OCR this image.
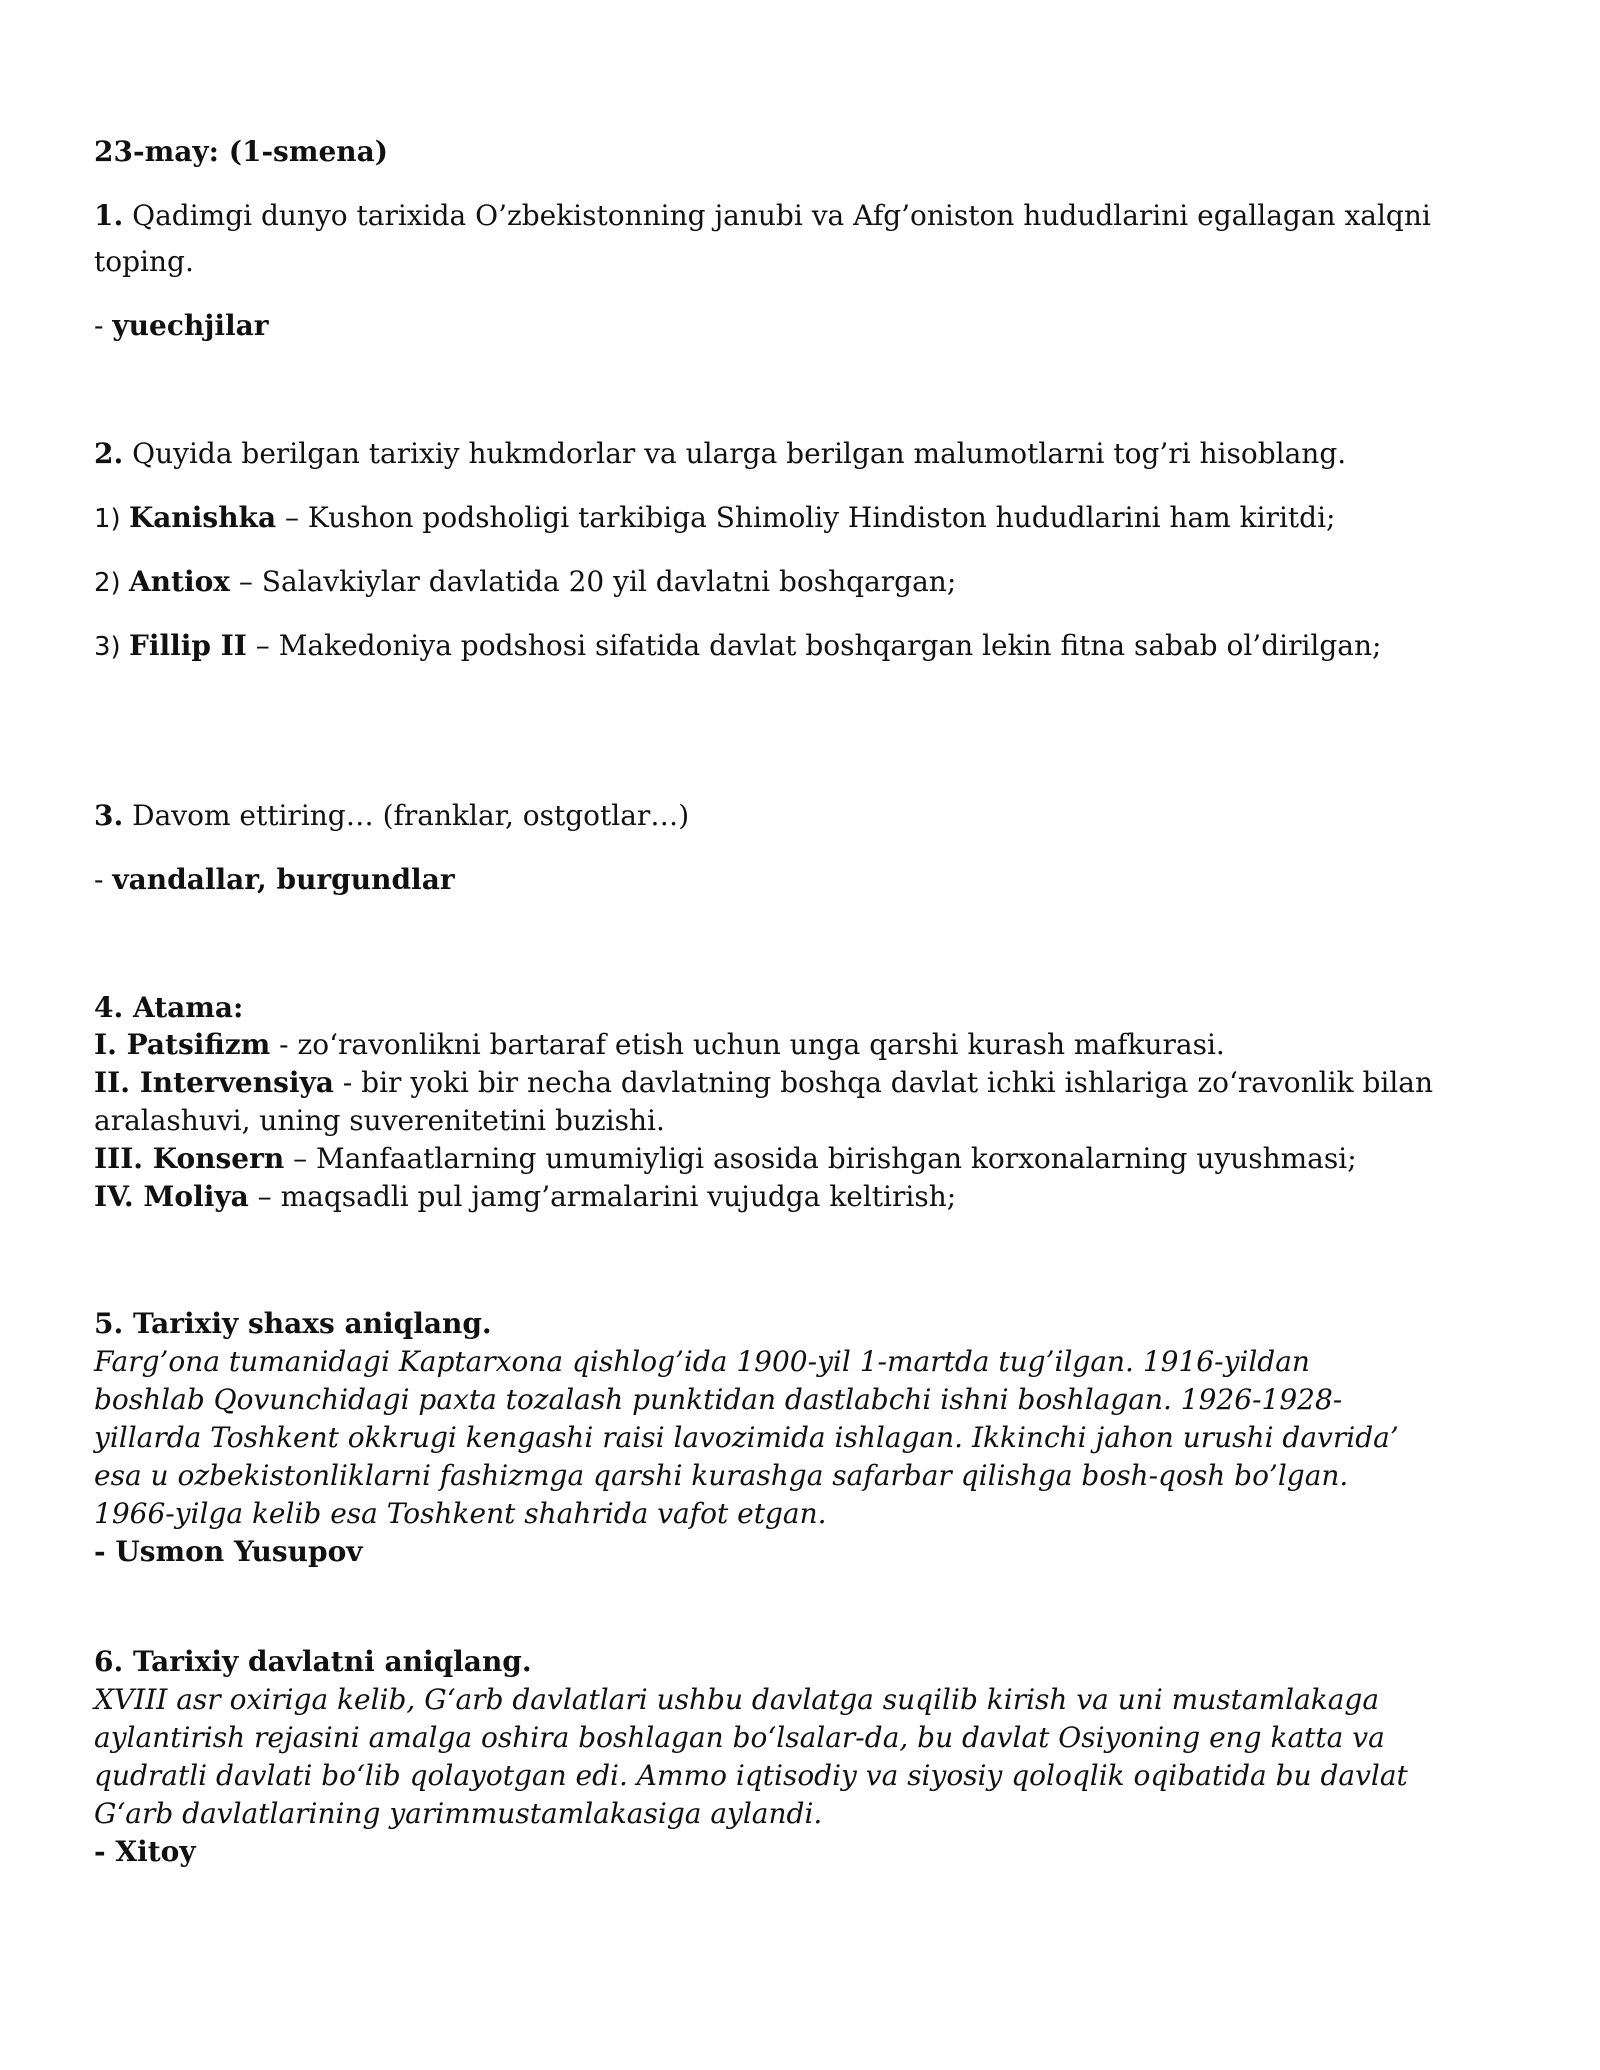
23-may: (1-smena)
1. Qadimgi dunyo tarixida O’zbekistonning janubi va Afg’oniston hududlarini egallagan xalqni
toping.
- yuechjilar
2. Quyida berilgan tarixiy hukmdorlar va ularga berilgan malumotlarni tog’ri hisoblang.
1) Kanishka – Kushon podsholigi tarkibiga Shimoliy Hindiston hududlarini ham kiritdi;
2) Antiox – Salavkiylar davlatida 20 yil davlatni boshqargan;
3) Fillip II – Makedoniya podshosi sifatida davlat boshqargan lekin fitna sabab ol’dirilgan;
3. Davom ettiring… (franklar, ostgotlar…)
- vandallar, burgundlar
4. Atama:
I. Patsifizm - zo‘ravonlikni bartaraf etish uchun unga qarshi kurash mafkurasi.
II. Intervensiya - bir yoki bir necha davlatning boshqa davlat ichki ishlariga zo‘ravonlik bilan
aralashuvi, uning suverenitetini buzishi.
III. Konsern – Manfaatlarning umumiyligi asosida birishgan korxonalarning uyushmasi;
IV. Moliya – maqsadli pul jamg’armalarini vujudga keltirish;
5. Tarixiy shaxs aniqlang.
Farg’ona tumanidagi Kaptarxona qishlog’ida 1900-yil 1-martda tug’ilgan. 1916-yildan
boshlab Qovunchidagi paxta tozalash punktidan dastlabchi ishni boshlagan. 1926-1928-
yillarda Toshkent okkrugi kengashi raisi lavozimida ishlagan. Ikkinchi jahon urushi davrida’
esa u ozbekistonliklarni fashizmga qarshi kurashga safarbar qilishga bosh-qosh bo’lgan.
1966-yilga kelib esa Toshkent shahrida vafot etgan.
- Usmon Yusupov
6. Tarixiy davlatni aniqlang.
XVIII asr oxiriga kelib, G‘arb davlatlari ushbu davlatga suqilib kirish va uni mustamlakaga
aylantirish rejasini amalga oshira boshlagan bo‘lsalar-da, bu davlat Osiyoning eng katta va
qudratli davlati bo‘lib qolayotgan edi. Ammo iqtisodiy va siyosiy qoloqlik oqibatida bu davlat
G‘arb davlatlarining yarimmustamlakasiga aylandi.
- Xitoy
